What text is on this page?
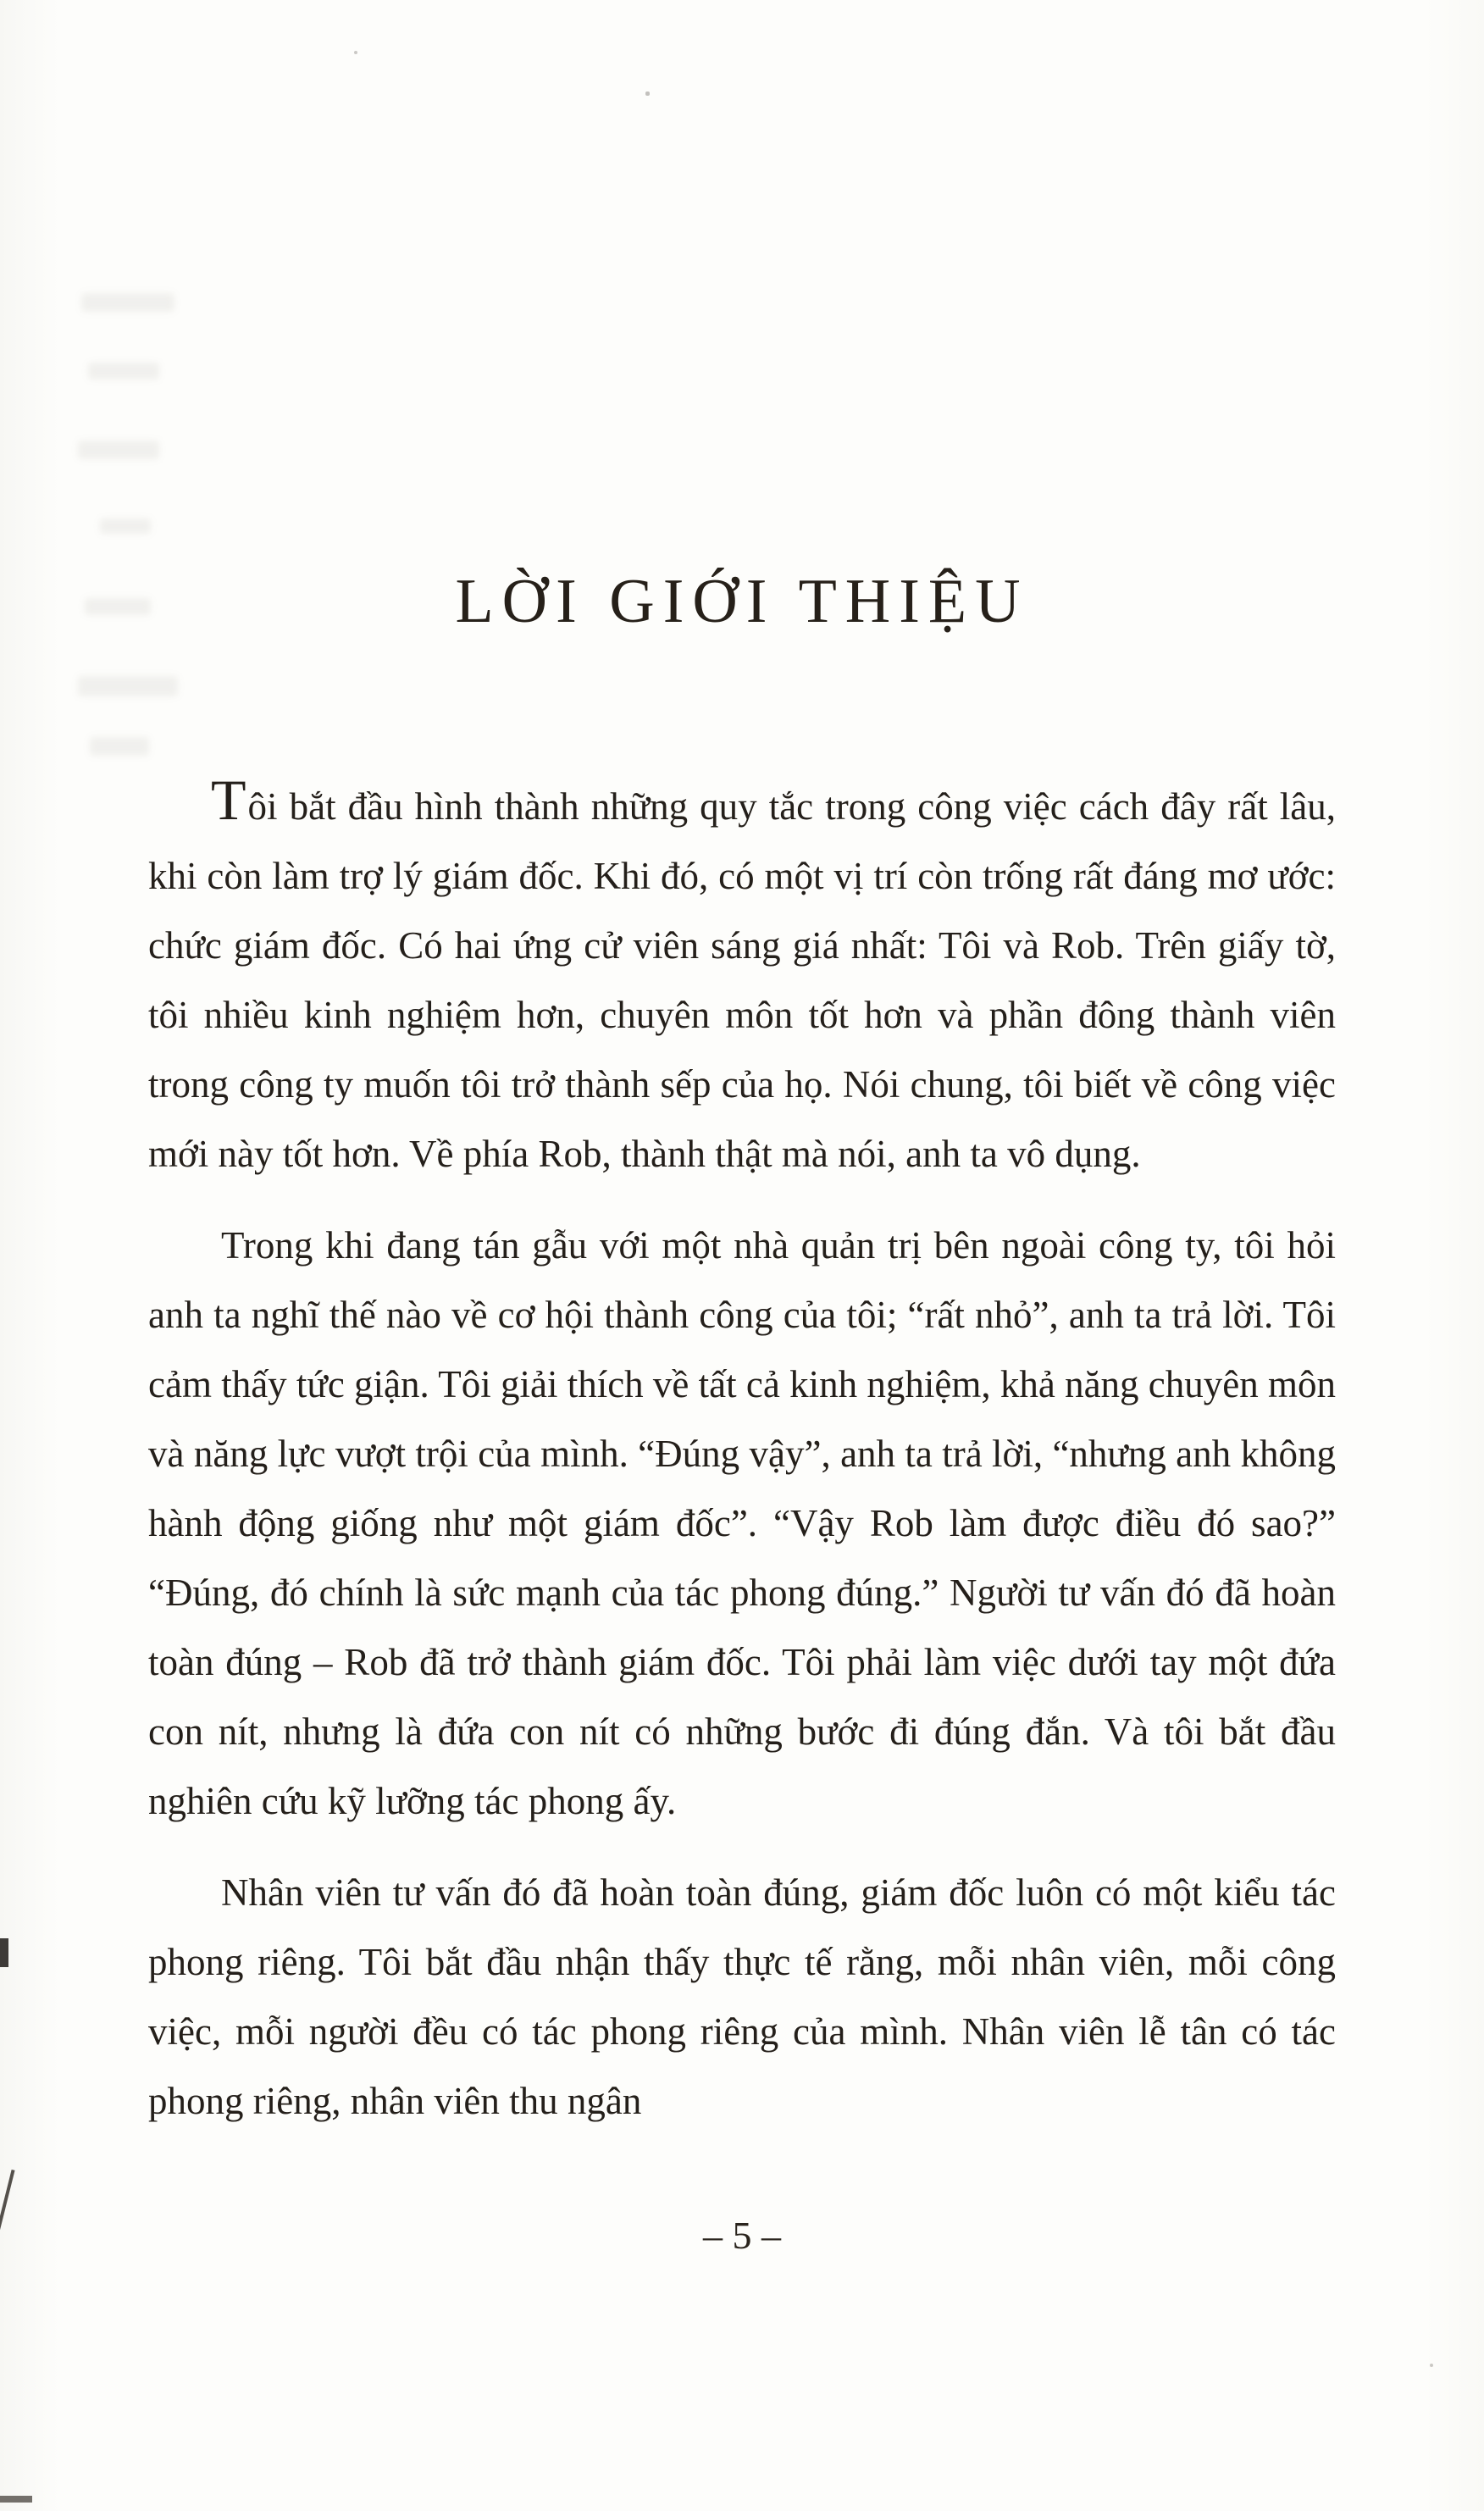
LỜI GIỚI THIỆU

Tôi bắt đầu hình thành những quy tắc trong công việc cách đây rất lâu, khi còn làm trợ lý giám đốc. Khi đó, có một vị trí còn trống rất đáng mơ ước: chức giám đốc. Có hai ứng cử viên sáng giá nhất: Tôi và Rob. Trên giấy tờ, tôi nhiều kinh nghiệm hơn, chuyên môn tốt hơn và phần đông thành viên trong công ty muốn tôi trở thành sếp của họ. Nói chung, tôi biết về công việc mới này tốt hơn. Về phía Rob, thành thật mà nói, anh ta vô dụng.

Trong khi đang tán gẫu với một nhà quản trị bên ngoài công ty, tôi hỏi anh ta nghĩ thế nào về cơ hội thành công của tôi; “rất nhỏ”, anh ta trả lời. Tôi cảm thấy tức giận. Tôi giải thích về tất cả kinh nghiệm, khả năng chuyên môn và năng lực vượt trội của mình. “Đúng vậy”, anh ta trả lời, “nhưng anh không hành động giống như một giám đốc”. “Vậy Rob làm được điều đó sao?” “Đúng, đó chính là sức mạnh của tác phong đúng.” Người tư vấn đó đã hoàn toàn đúng – Rob đã trở thành giám đốc. Tôi phải làm việc dưới tay một đứa con nít, nhưng là đứa con nít có những bước đi đúng đắn. Và tôi bắt đầu nghiên cứu kỹ lưỡng tác phong ấy.

Nhân viên tư vấn đó đã hoàn toàn đúng, giám đốc luôn có một kiểu tác phong riêng. Tôi bắt đầu nhận thấy thực tế rằng, mỗi nhân viên, mỗi công việc, mỗi người đều có tác phong riêng của mình. Nhân viên lễ tân có tác phong riêng, nhân viên thu ngân

– 5 –
